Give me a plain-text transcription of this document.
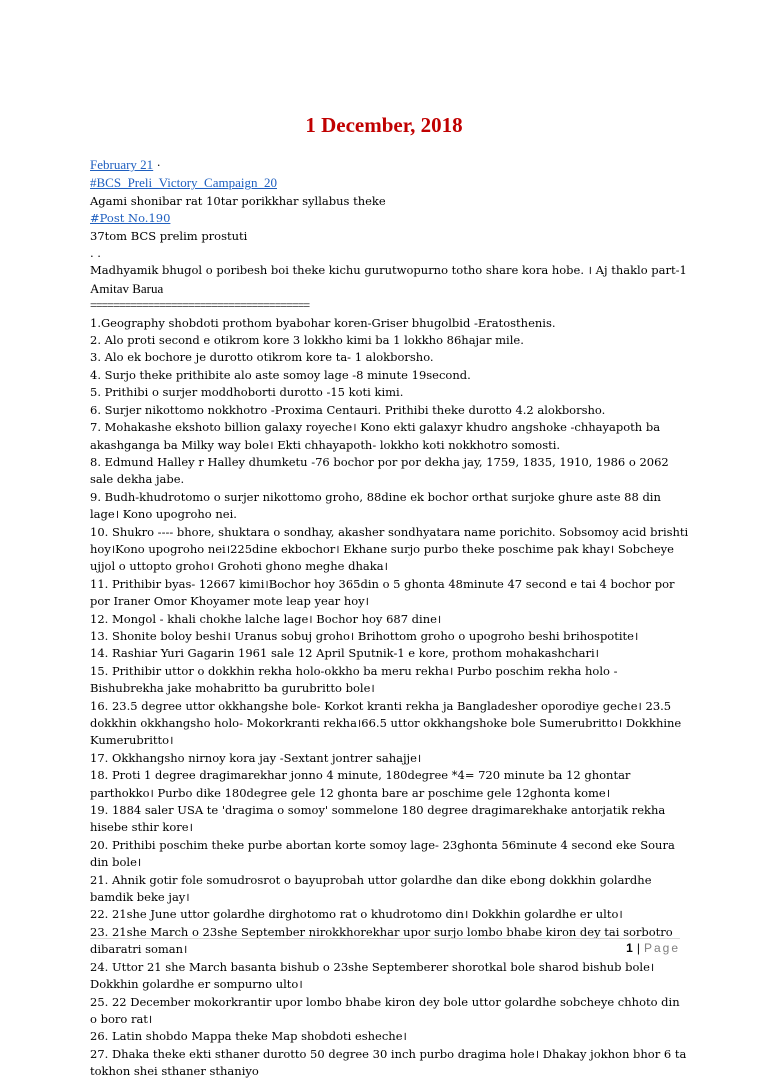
1 December, 2018
February 21 ·
#BCS_Preli_Victory_Campaign_20
Agami shonibar rat 10tar porikkhar syllabus theke
#Post No.190
37tom BCS prelim prostuti
. .
Madhyamik bhugol o poribesh boi theke kichu gurutwopurno totho share kora hobe. । Aj thaklo part-1
Amitav Barua
======================================

1.Geography shobdoti prothom byabohar koren-Griser bhugolbid -Eratosthenis.

2. Alo proti second e otikrom kore 3 lokkho kimi ba 1 lokkho 86hajar mile.

3. Alo ek bochore je durotto otikrom kore ta- 1 alokborsho.

4. Surjo theke prithibite alo aste somoy lage -8 minute 19second.

5. Prithibi o surjer moddhoborti durotto -15 koti kimi.

6. Surjer nikottomo nokkhotro -Proxima Centauri. Prithibi theke durotto 4.2 alokborsho.

7. Mohakashe ekshoto billion galaxy royeche। Kono ekti galaxyr khudro angshoke -chhayapoth ba akashganga ba Milky way bole। Ekti chhayapoth- lokkho koti nokkhotro somosti.

8. Edmund Halley r Halley dhumketu -76 bochor por por dekha jay, 1759, 1835, 1910, 1986 o 2062 sale dekha jabe.

9. Budh-khudrotomo o surjer nikottomo groho, 88dine ek bochor orthat surjoke ghure aste 88 din lage। Kono upogroho nei.

10. Shukro ---- bhore, shuktara o sondhay, akasher sondhyatara name porichito. Sobsomoy acid brishti hoy।Kono upogroho nei।225dine ekbochor। Ekhane surjo purbo theke poschime pak khay। Sobcheye ujjol o uttopto groho। Grohoti ghono meghe dhaka।

11. Prithibir byas- 12667 kimi।Bochor hoy 365din o 5 ghonta 48minute 47 second e tai 4 bochor por por Iraner Omor Khoyamer mote leap year hoy।

12. Mongol - khali chokhe lalche lage। Bochor hoy 687 dine।

13. Shonite boloy beshi। Uranus sobuj groho। Brihottom groho o upogroho beshi brihospotite।

14. Rashiar Yuri Gagarin 1961 sale 12 April Sputnik-1 e kore, prothom mohakashchari।

15. Prithibir uttor o dokkhin rekha holo-okkho ba meru rekha। Purbo poschim rekha holo -Bishubrekha jake mohabritto ba gurubritto bole।

16. 23.5 degree uttor okkhangshe bole- Korkot kranti rekha ja Bangladesher oporodiye geche। 23.5 dokkhin okkhangsho holo- Mokorkranti rekha।66.5 uttor okkhangshoke bole Sumerubritto। Dokkhine Kumerubritto।

17. Okkhangsho nirnoy kora jay -Sextant jontrer sahajje।

18. Proti 1 degree dragimarekhar jonno 4 minute, 180degree *4= 720 minute ba 12 ghontar parthokko। Purbo dike 180degree gele 12 ghonta bare ar poschime gele 12ghonta kome।

19. 1884 saler USA te 'dragima o somoy' sommelone 180 degree dragimarekhake antorjatik rekha hisebe sthir kore।

20. Prithibi poschim theke purbe abortan korte somoy lage- 23ghonta 56minute 4 second eke Soura din bole।

21. Ahnik gotir fole somudrosrot o bayuprobah uttor golardhe dan dike ebong dokkhin golardhe bamdik beke jay।

22. 21she June uttor golardhe dirghotomo rat o khudrotomo din। Dokkhin golardhe er ulto।

23. 21she March o 23she September nirokkhorekhar upor surjo lombo bhabe kiron dey tai sorbotro dibaratri soman।

24. Uttor 21 she March basanta bishub o 23she Septemberer shorotkal bole sharod bishub bole। Dokkhin golardhe er sompurno ulto।

25. 22 December mokorkrantir upor lombo bhabe kiron dey bole uttor golardhe sobcheye chhoto din o boro rat।

26. Latin shobdo Mappa theke Map shobdoti esheche।

27. Dhaka theke ekti sthaner durotto 50 degree 30 inch purbo dragima hole। Dhakay jokhon bhor 6 ta tokhon shei sthaner sthaniyo

1 | Page
